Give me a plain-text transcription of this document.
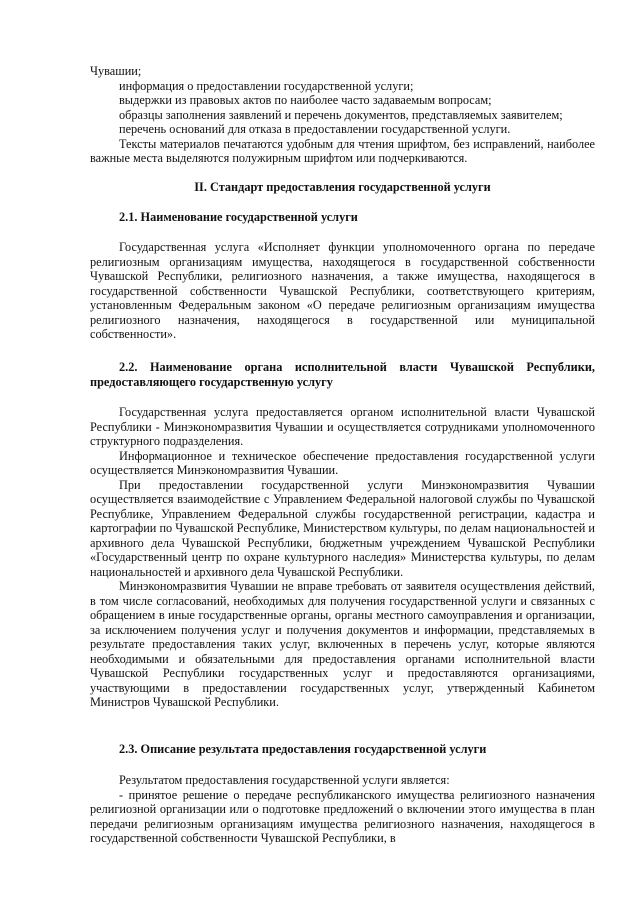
Чувашии;

информация о предоставлении государственной услуги;

выдержки из правовых актов по наиболее часто задаваемым вопросам;

образцы заполнения заявлений и перечень документов, представляемых заявителем;

перечень оснований для отказа в предоставлении государственной услуги.

Тексты материалов печатаются удобным для чтения шрифтом, без исправлений, наиболее важные места выделяются полужирным шрифтом или подчеркиваются.

II. Стандарт предоставления государственной услуги
2.1. Наименование государственной услуги

Государственная услуга «Исполняет функции уполномоченного органа по передаче религиозным организациям имущества, находящегося в государственной собственности Чувашской Республики, религиозного назначения, а также имущества, находящегося в государственной собственности Чувашской Республики, соответствующего критериям, установленным Федеральным законом «О передаче религиозным организациям имущества религиозного назначения, находящегося в государственной или муниципальной собственности».

2.2. Наименование органа исполнительной власти Чувашской Республики, предоставляющего государственную услугу

Государственная услуга предоставляется органом исполнительной власти Чувашской Республики - Минэкономразвития Чувашии и осуществляется сотрудниками уполномоченного структурного подразделения.

Информационное и техническое обеспечение предоставления государственной услуги осуществляется Минэкономразвития Чувашии.

При предоставлении государственной услуги Минэкономразвития Чувашии осуществляется взаимодействие с Управлением Федеральной налоговой службы по Чувашской Республике, Управлением Федеральной службы государственной регистрации, кадастра и картографии по Чувашской Республике, Министерством культуры, по делам национальностей и архивного дела Чувашской Республики, бюджетным учреждением Чувашской Республики «Государственный центр по охране культурного наследия» Министерства культуры, по делам национальностей и архивного дела Чувашской Республики.

Минэкономразвития Чувашии не вправе требовать от заявителя осуществления действий, в том числе согласований, необходимых для получения государственной услуги и связанных с обращением в иные государственные органы, органы местного самоуправления и организации, за исключением получения услуг и получения документов и информации, представляемых в результате предоставления таких услуг, включенных в перечень услуг, которые являются необходимыми и обязательными для предоставления органами исполнительной власти Чувашской Республики государственных услуг и предоставляются организациями, участвующими в предоставлении государственных услуг, утвержденный Кабинетом Министров Чувашской Республики.

2.3. Описание результата предоставления государственной услуги

Результатом предоставления государственной услуги является:

- принятое решение о передаче республиканского имущества религиозного назначения религиозной организации или о подготовке предложений о включении этого имущества в план передачи религиозным организациям имущества религиозного назначения, находящегося в государственной собственности Чувашской Республики, в
